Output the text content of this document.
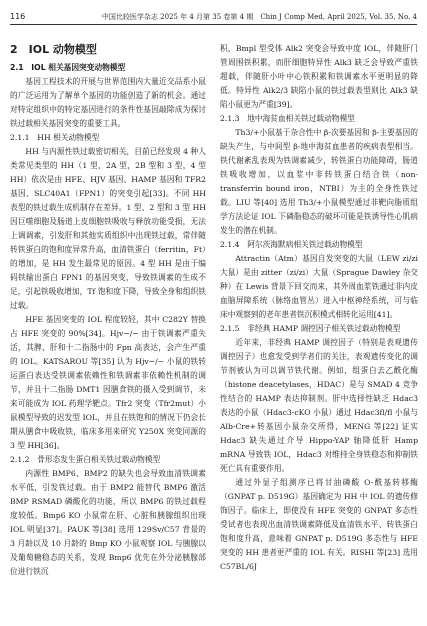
116	中国比较医学杂志 2025 年 4 月第 35 卷第 4 期　Chin J Comp Med, April 2025, Vol. 35, No. 4
2　IOL 动物模型
2.1　IOL 相关基因突变动物模型

基因工程技术的开展与世界范围内大量近交品系小鼠的广泛运用为了解单个基因的功能创造了新的机会。通过对特定组织中的特定基因进行的条件性基因敲除成为探讨铁过载相关基因突变的重要工具。

2.1.1　HH 相关动物模型

HH 与内源性铁过载密切相关，目前已经发现 4 种人类常见类型的 HH（1 型，2A 型，2B 型和 3 型，4 型 HH）依次是由 HFE、HJV 基因、HAMP 基因和 TFR2 基因、SLC40A1（FPN1）的突变引起[33]。不同 HH 表型的铁过载生成机制存在差异。1 型、2 型和 3 型 HH 因巨噬细胞及肠道上皮细胞铁吸收与释放功能受损，无法上调调素，引发肝和其他实质组织中出现铁过载，常伴随转铁蛋白的饱和度异常升高，血清铁蛋白（ferritin，Ft）的增加，是 HH 发生最常见的原因。4 型 HH 是由于编码铁输出蛋白 FPN1 的基因突变，导致铁调素的生成不足，引起铁吸收增加，Tf 饱和度下降，导致全身和组织铁过载。

HFE 基因突变的 IOL 程度较轻，其中 C282Y 替换占 HFE 突变的 90%[34]。Hjv−/− 由于铁调素严重失活，其脾、肝和十二指肠中的 Fpn 高表达，会产生严重的 IOL。KATSAROU 等[35] 认为 Hjv−/− 小鼠的铁转运蛋白表达受铁调素依赖性和铁调素非依赖性机制的调节，并且十二指肠 DMT1 因膳食铁的摄入受到调节，未来可能成为 IOL 药理学靶点。Tfr2 突变（Tfr2mut）小鼠模型导致的迟发型 IOL，并且在铁饱和的情况下仍会长期从膳食中吸收铁，临床多用来研究 Y250X 突变同源的 3 型 HH[36]。

2.1.2　骨形态发生蛋白相关铁过载动物模型

内源性 BMP6、BMP2 的缺失也会导致血清铁调素水平低，引发铁过载。由于 BMP2 能替代 BMP6 激活 BMP RSMAD 磷酸化的功能，所以 BMP6 的铁过载程度较低。Bmp6 KO 小鼠常在肝、心脏和胰腺组织出现 IOL 明显[37]。PAUK 等[38] 选用 129Sv/C57 背景的 3 月龄以及 10 月龄的 Bmp KO 小鼠观察 IOL 与胰腺以及葡萄糖稳态的关系，发现 Bmp6 优先在外分泌胰腺部位进行铁沉

积，Bmpl 型受体 Alk2 突变会导致中度 IOL，伴随肝门管周围铁积累，而肝细胞特异性 Alk3 缺乏会导致严重铁超载，伴随肝小叶中心铁积累和铁调素水平更明显的降低。特异性 Alk2/3 缺陷小鼠的铁过载表型则比 Alk3 缺陷小鼠更为严重[39]。

2.1.3　地中海贫血相关铁过载动物模型

Th3/+小鼠基于杂合性中 β-次要基因和 β-主要基因的缺失产生，与中间型 β-地中海贫血患者的疾病表型相当。铁代谢紊乱表现为铁调素减少，转铁蛋白功能障碍，肠道铁吸收增加，以血浆中非转铁蛋白结合铁（non-transferrin bound iron，NTBI）为主的全身性铁过载。LIU 等[40] 选用 Th3/+小鼠模型通过非靶向脂质组学方法论证 IOL 下磷脂稳态的破坏可能是铁诱导性心肌病发生的潜在机制。

2.1.4　阿尔茨海默病相关铁过载动物模型

Attractin（Atm）基因自发突变的大鼠（LEW zi/zi 大鼠）是由 zitter（zi/zi）大鼠（Sprague Dawley 杂交种）在 Lewis 背景下回交而来，其外周血浆铁通过非内皮血脑屏障系统（脉络血管丛）进入中枢神经系统，可与临床中观察到的老年患者铁沉积模式相转化运用[41]。

2.1.5　非经典 HAMP 调控因子相关铁过载动物模型

近年来，非经典 HAMP 调控因子（特别是表观遗传调控因子）也愈发受到学者们的关注，表观遗传变化的调节剂被认为可以调节铁代谢。例如，组蛋白去乙酰化酶（histone deacetylases，HDAC）是与 SMAD 4 竞争性结合的 HAMP 表达抑制剂。肝中选择性缺乏 Hdac3 表达的小鼠（Hdac3-cKO 小鼠）通过 Hdac3fl/fl 小鼠与 Alb-Cre+转基因小鼠杂交所得，MENG 等[22] 证实 Hdac3 缺失通过介导 Hippo-YAP 轴降低肝 Hamp mRNA 导致铁 IOL，Hdac3 对维持全身铁稳态和抑制铁死亡具有重要作用。

通过外显子组测序已将甘油磷酸 O-酰基转移酶（GNPAT p. D519G）基因确定为 HH 中 IOL 的遗传修饰因子。临床上，即使没有 HFE 突变的 GNPAT 多态性受试者也表现出血清铁调素降低及血清铁水平、转铁蛋白饱和度升高，意味着 GNPAT p. D519G 多态性与 HFE 突变的 HH 患者更严重的 IOL 有关。RISHI 等[23] 选用 C57BL/6J
